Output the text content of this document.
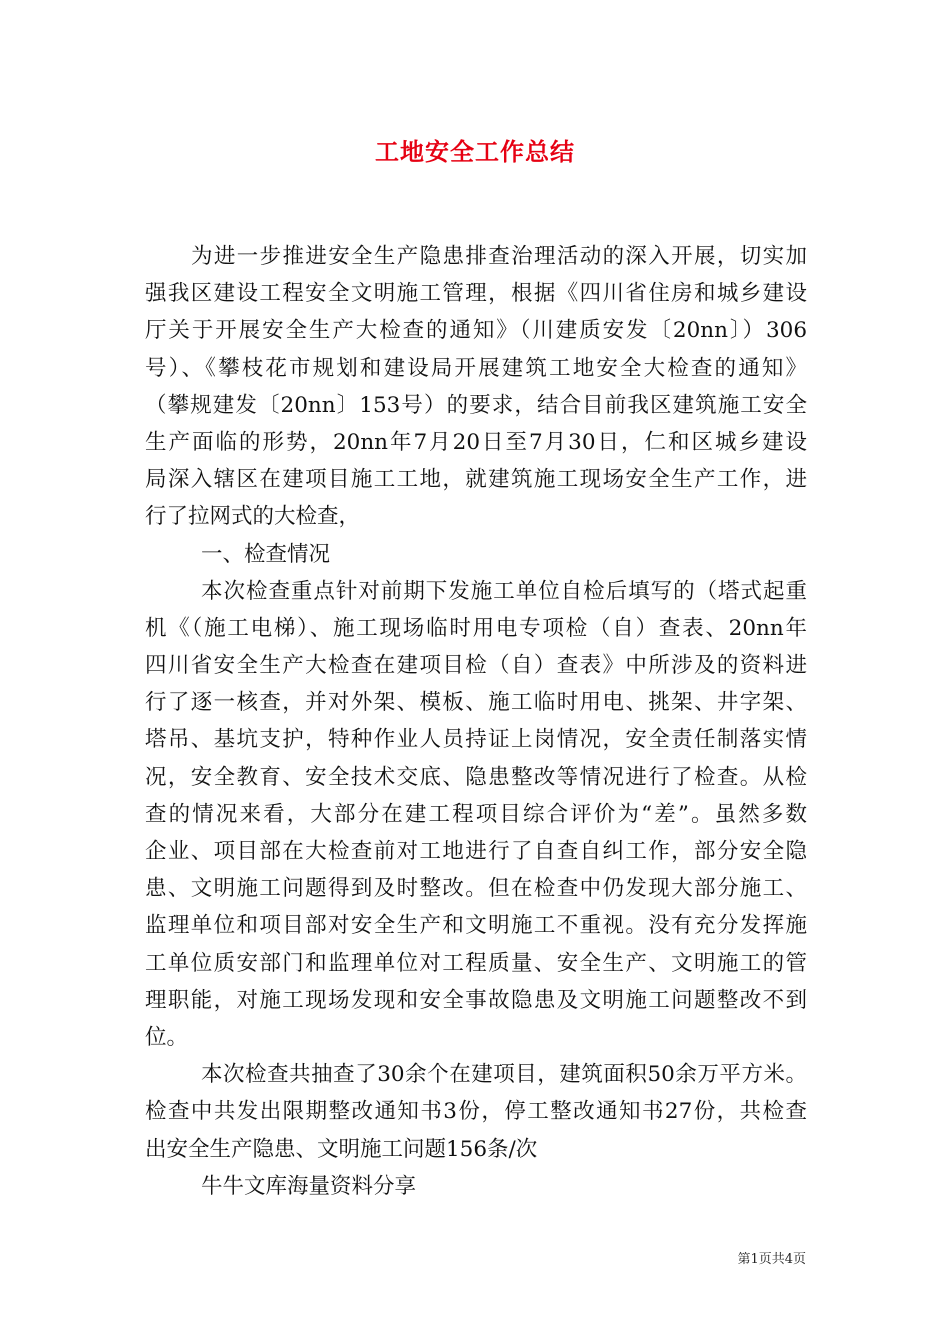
工地安全工作总结
为进一步推进安全生产隐患排查治理活动的深入开展，切实加
强我区建设工程安全文明施工管理，根据《四川省住房和城乡建设
厅关于开展安全生产大检查的通知》（川建质安发〔20nn〕）306
号）、《攀枝花市规划和建设局开展建筑工地安全大检查的通知》
（攀规建发〔20nn〕153号）的要求，结合目前我区建筑施工安全
生产面临的形势，20nn年7月20日至7月30日，仁和区城乡建设
局深入辖区在建项目施工工地，就建筑施工现场安全生产工作，进
行了拉网式的大检查，
一、检查情况
本次检查重点针对前期下发施工单位自检后填写的（塔式起重
机《（施工电梯）、施工现场临时用电专项检（自）查表、20nn年
四川省安全生产大检查在建项目检（自）查表》中所涉及的资料进
行了逐一核查，并对外架、模板、施工临时用电、挑架、井字架、
塔吊、基坑支护，特种作业人员持证上岗情况，安全责任制落实情
况，安全教育、安全技术交底、隐患整改等情况进行了检查。从检
查的情况来看，大部分在建工程项目综合评价为“差”。虽然多数
企业、项目部在大检查前对工地进行了自查自纠工作，部分安全隐
患、文明施工问题得到及时整改。但在检查中仍发现大部分施工、
监理单位和项目部对安全生产和文明施工不重视。没有充分发挥施
工单位质安部门和监理单位对工程质量、安全生产、文明施工的管
理职能，对施工现场发现和安全事故隐患及文明施工问题整改不到
位。
本次检查共抽查了30余个在建项目，建筑面积50余万平方米。
检查中共发出限期整改通知书3份，停工整改通知书27份，共检查
出安全生产隐患、文明施工问题156条/次
牛牛文库海量资料分享
第1页共4页
